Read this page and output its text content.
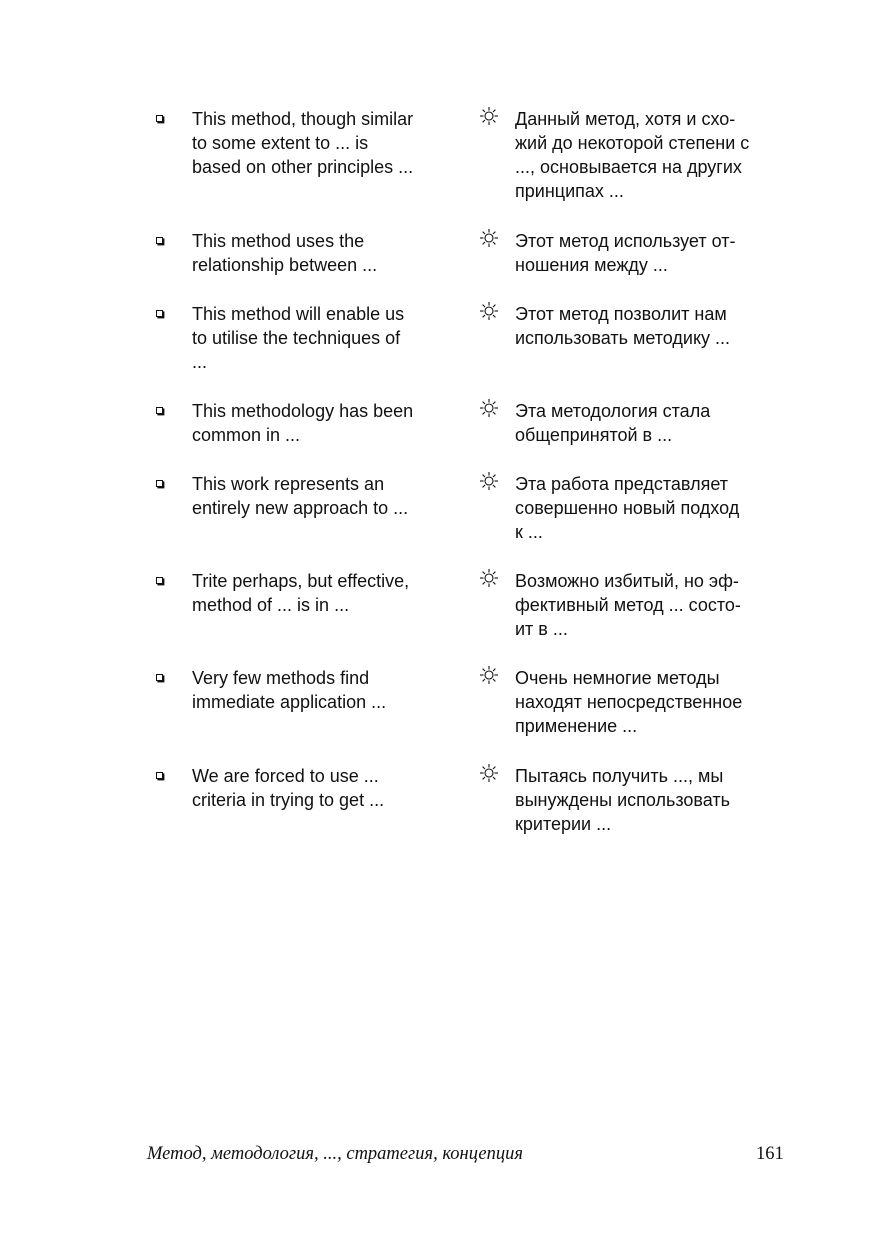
This method, though similar
to some extent to ... is
based on other principles ...
Данный метод, хотя и схо-
жий до некоторой степени с
..., основывается на других
принципах ...
This method uses the
relationship between ...
Этот метод использует от-
ношения между ...
This method will enable us
to utilise the techniques of
...
Этот метод позволит нам
использовать методику ...
This methodology has been
common in ...
Эта методология стала
общепринятой в ...
This work represents an
entirely new approach to ...
Эта работа представляет
совершенно новый подход
к ...
Trite perhaps, but effective,
method of ... is in ...
Возможно избитый, но эф-
фективный метод ... состо-
ит в ...
Very few methods find
immediate application ...
Очень немногие методы
находят непосредственное
применение ...
We are forced to use ...
criteria in trying to get ...
Пытаясь получить ..., мы
вынуждены использовать
критерии ...
Метод, методология, ..., стратегия, концепция	161
